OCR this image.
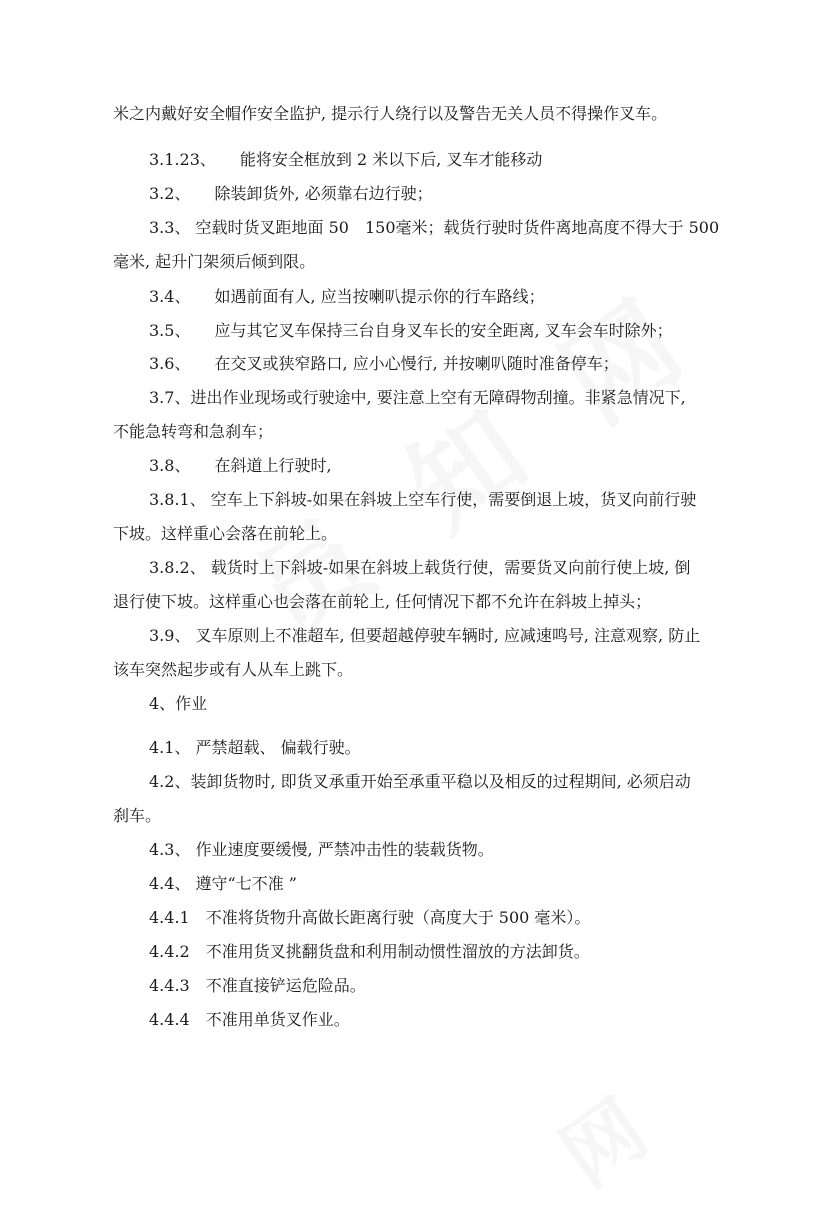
米之内戴好安全帽作安全监护, 提示行人绕行以及警告无关人员不得操作叉车。
3.1.23、　　能将安全框放到 2 米以下后, 叉车才能移动
3.2、　　除装卸货外, 必须靠右边行驶；
3.3、 空载时货叉距地面 50　150毫米；载货行驶时货件离地高度不得大于 500
毫米, 起升门架须后倾到限。
3.4、　　如遇前面有人, 应当按喇叭提示你的行车路线；
3.5、　　应与其它叉车保持三台自身叉车长的安全距离, 叉车会车时除外；
3.6、　　在交叉或狭窄路口, 应小心慢行, 并按喇叭随时准备停车；
3.7、进出作业现场或行驶途中, 要注意上空有无障碍物刮撞。非紧急情况下,
不能急转弯和急刹车；
3.8、　　在斜道上行驶时,
3.8.1、 空车上下斜坡-如果在斜坡上空车行使，需要倒退上坡，货叉向前行驶
下坡。这样重心会落在前轮上。
3.8.2、 载货时上下斜坡-如果在斜坡上载货行使，需要货叉向前行使上坡, 倒
退行使下坡。这样重心也会落在前轮上, 任何情况下都不允许在斜坡上掉头；
3.9、 叉车原则上不准超车, 但要超越停驶车辆时, 应减速鸣号, 注意观察, 防止
该车突然起步或有人从车上跳下。
4、作业
4.1、 严禁超载、 偏载行驶。
4.2、装卸货物时, 即货叉承重开始至承重平稳以及相反的过程期间, 必须启动
刹车。
4.3、 作业速度要缓慢, 严禁冲击性的装载货物。
4.4、 遵守“七不准 ”
4.4.1　不准将货物升高做长距离行驶（高度大于 500 毫米）。
4.4.2　不准用货叉挑翻货盘和利用制动惯性溜放的方法卸货。
4.4.3　不准直接铲运危险品。
4.4.4　不准用单货叉作业。
